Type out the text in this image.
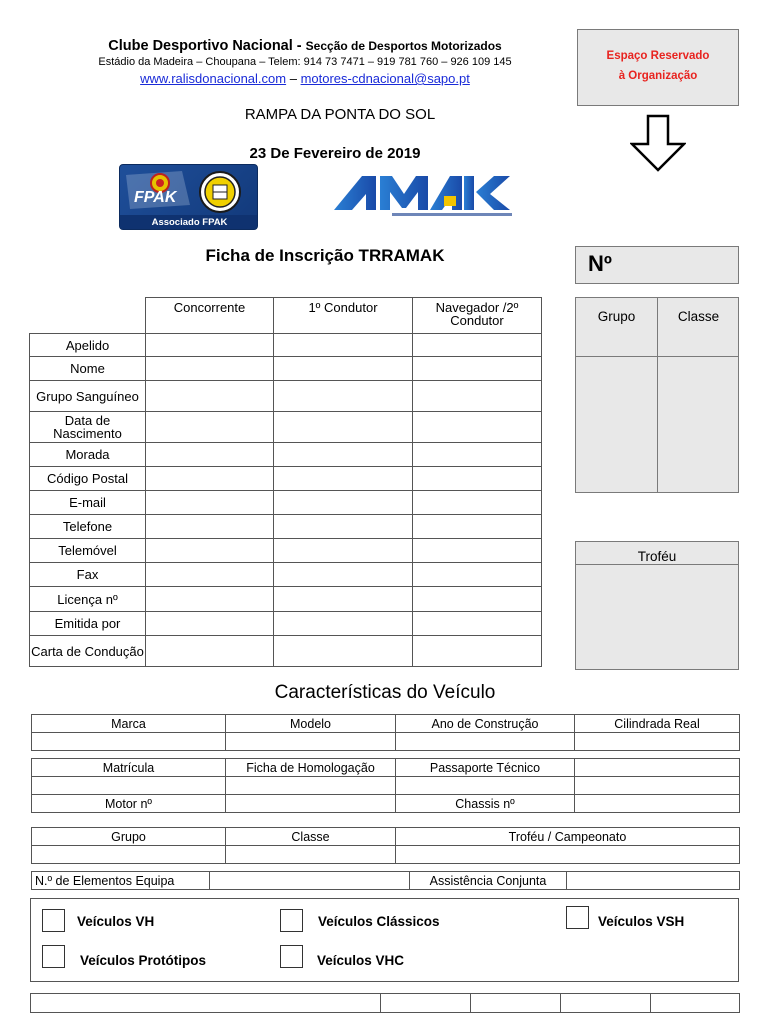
Clube Desportivo Nacional - Secção de Desportos Motorizados
Estádio da Madeira – Choupana – Telem: 914 73 7471 – 919 781 760 – 926 109 145
www.ralisdonacional.com – motores-cdnacional@sapo.pt
Espaço Reservado
à Organização
RAMPA DA PONTA DO SOL
23 De Fevereiro de 2019
FPAK
Associado FPAK
Ficha de Inscrição TRRAMAK	Nº
	Concorrente	1º Condutor	Navegador /2º Condutor
Apelido			
Nome			
Grupo Sanguíneo			
Data de Nascimento			
Morada			
Código Postal			
E-mail			
Telefone			
Telemóvel			
Fax			
Licença nº			
Emitida por			
Carta de Condução			
Grupo	Classe
Troféu
Características do Veículo
Marca	Modelo	Ano de Construção	Cilindrada Real

Matrícula	Ficha de Homologação	Passaporte Técnico	

Motor nº		Chassis nº	
Grupo	Classe	Troféu / Campeonato

N.º de Elementos Equipa		Assistência Conjunta	
Veículos VH	Veículos Clássicos	Veículos VSH
Veículos Protótipos	Veículos VHC
